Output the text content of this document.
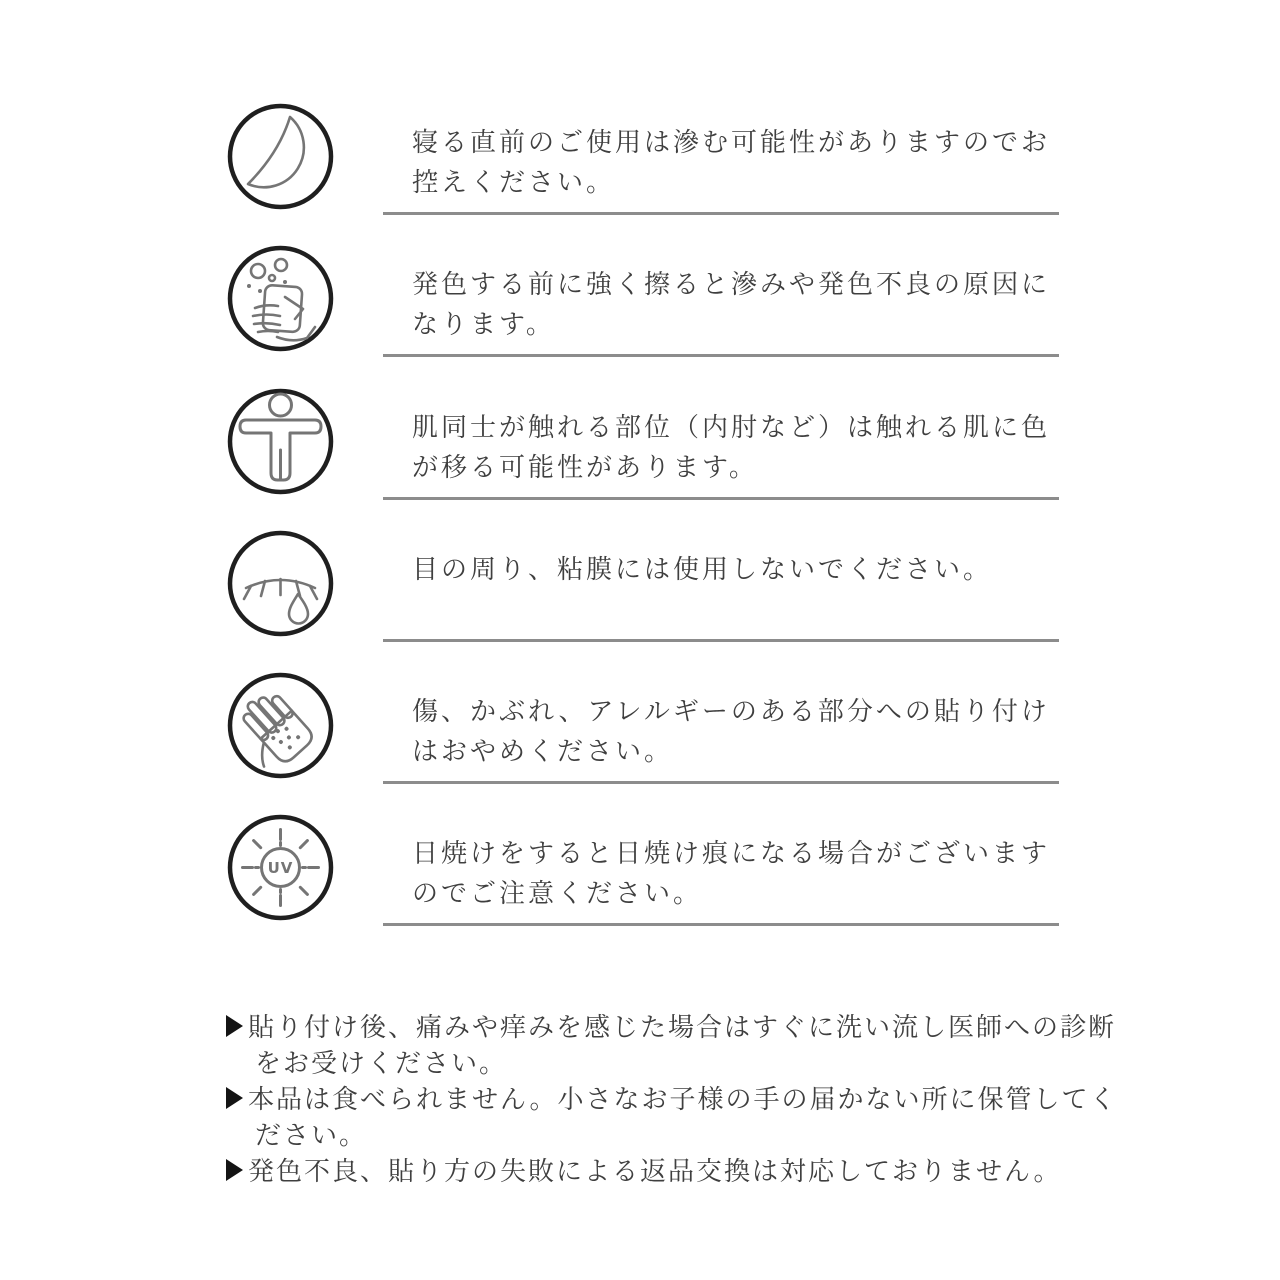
寝る直前のご使用は滲む可能性がありますのでお
控えください。
発色する前に強く擦ると滲みや発色不良の原因に
なります。
肌同士が触れる部位（内肘など）は触れる肌に色
が移る可能性があります。
目の周り、粘膜には使用しないでください。
傷、かぶれ、アレルギーのある部分への貼り付け
はおやめください。
UV	日焼けをすると日焼け痕になる場合がございます
のでご注意ください。
貼り付け後、痛みや痒みを感じた場合はすぐに洗い流し医師への診断
をお受けください。
本品は食べられません。小さなお子様の手の届かない所に保管してく
ださい。
発色不良、貼り方の失敗による返品交換は対応しておりません。
